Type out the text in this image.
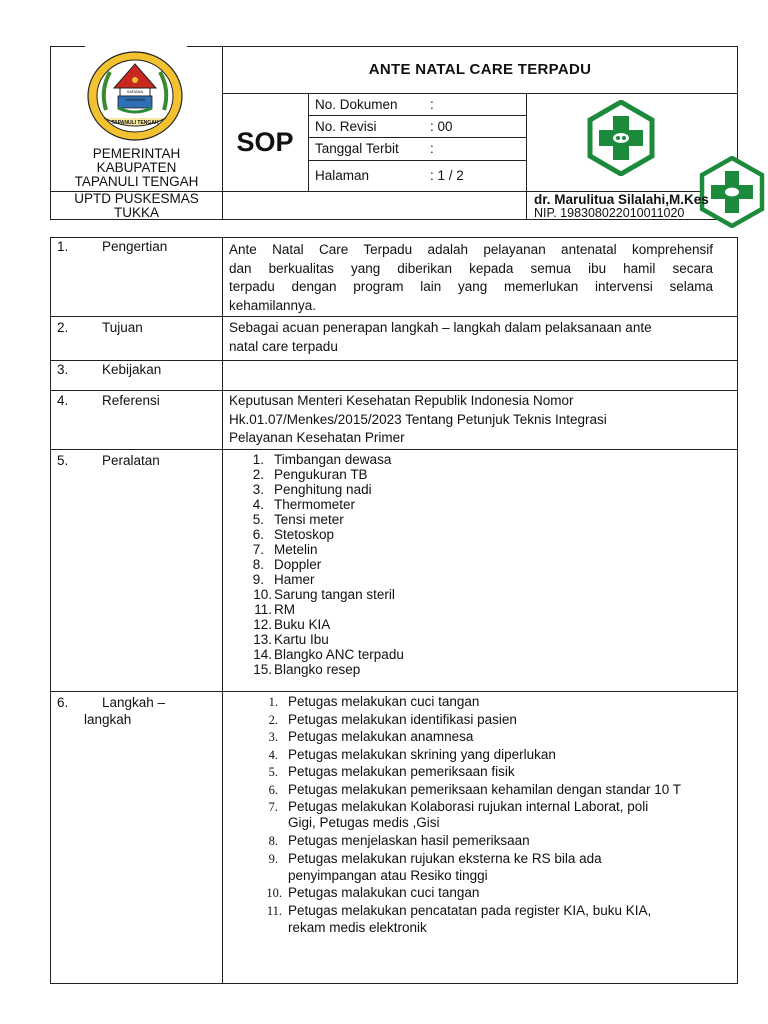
SARANA SAHUNAN
TAPANULI TENGAH
PEMERINTAH
KABUPATEN
TAPANULI TENGAH
UPTD PUSKESMAS
TUKKA
ANTE NATAL CARE TERPADU
SOP
No. Dokumen :
No. Revisi	: 00
Tanggal Terbit :
Halaman	: 1 / 2
dr. Marulitua Silalahi,M.Kes
NIP. 198308022010011020
1. Pengertian	Ante Natal Care Terpadu adalah pelayanan antenatal komprehensif
dan berkualitas yang diberikan kepada semua ibu hamil secara
terpadu dengan program lain yang memerlukan intervensi selama
kehamilannya.
2. Tujuan	Sebagai acuan penerapan langkah – langkah dalam pelaksanaan ante
natal care terpadu
3. Kebijakan
4. Referensi	Keputusan Menteri Kesehatan Republik Indonesia Nomor
Hk.01.07/Menkes/2015/2023 Tentang Petunjuk Teknis Integrasi
Pelayanan Kesehatan Primer
5. Peralatan	1. Timbangan dewasa
2. Pengukuran TB
3. Penghitung nadi
4. Thermometer
5. Tensi meter
6. Stetoskop
7. Metelin
8. Doppler
9. Hamer
10. Sarung tangan steril
11. RM
12. Buku KIA
13. Kartu Ibu
14. Blangko ANC terpadu
15. Blangko resep
6.	Langkah –
langkah
1. Petugas melakukan cuci tangan
2. Petugas melakukan identifikasi pasien
3. Petugas melakukan anamnesa
4. Petugas melakukan skrining yang diperlukan
5. Petugas melakukan pemeriksaan fisik
6. Petugas melakukan pemeriksaan kehamilan dengan standar 10 T
7. Petugas melakukan Kolaborasi rujukan internal Laborat, poli
Gigi, Petugas medis ,Gisi
8. Petugas menjelaskan hasil pemeriksaan
9. Petugas melakukan rujukan eksterna ke RS bila ada
penyimpangan atau Resiko tinggi
10. Petugas malakukan cuci tangan
11. Petugas melakukan pencatatan pada register KIA, buku KIA,
rekam medis elektronik
